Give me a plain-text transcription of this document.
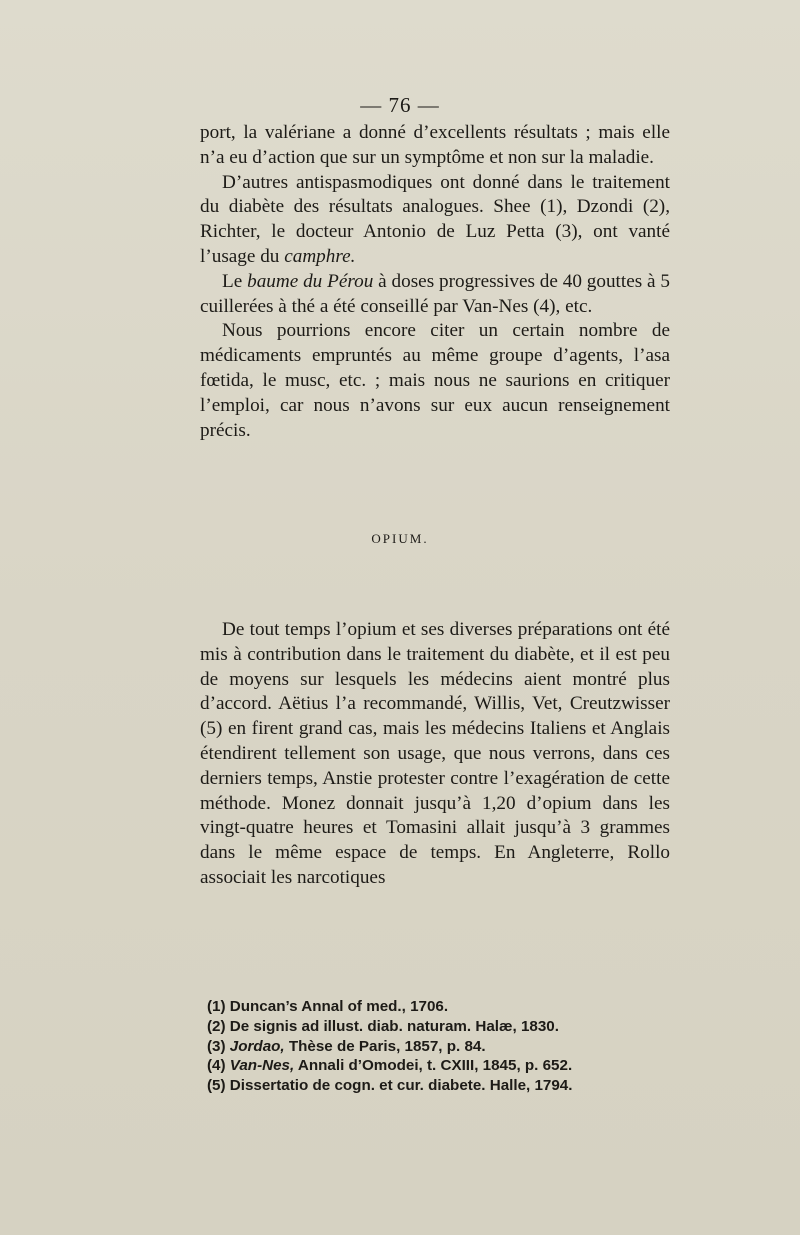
— 76 —

port, la valériane a donné d’excellents résultats ; mais elle n’a eu d’action que sur un symptôme et non sur la maladie.

D’autres antispasmodiques ont donné dans le traitement du diabète des résultats analogues. Shee (1), Dzondi (2), Richter, le docteur Antonio de Luz Petta (3), ont vanté l’usage du camphre.

Le baume du Pérou à doses progressives de 40 gouttes à 5 cuillerées à thé a été conseillé par Van-Nes (4), etc.

Nous pourrions encore citer un certain nombre de médicaments empruntés au même groupe d’agents, l’asa fœtida, le musc, etc. ; mais nous ne saurions en critiquer l’emploi, car nous n’avons sur eux aucun renseignement précis.

OPIUM.

De tout temps l’opium et ses diverses préparations ont été mis à contribution dans le traitement du diabète, et il est peu de moyens sur lesquels les médecins aient montré plus d’accord. Aëtius l’a recommandé, Willis, Vet, Creutzwisser (5) en firent grand cas, mais les médecins Italiens et Anglais étendirent tellement son usage, que nous verrons, dans ces derniers temps, Anstie protester contre l’exagération de cette méthode. Monez donnait jusqu’à 1,20 d’opium dans les vingt-quatre heures et Tomasini allait jusqu’à 3 grammes dans le même espace de temps. En Angleterre, Rollo associait les narcotiques

(1) Duncan’s Annal of med., 1706.
(2) De signis ad illust. diab. naturam. Halæ, 1830.
(3) Jordao, Thèse de Paris, 1857, p. 84.
(4) Van-Nes, Annali d’Omodei, t. CXIII, 1845, p. 652.
(5) Dissertatio de cogn. et cur. diabete. Halle, 1794.
